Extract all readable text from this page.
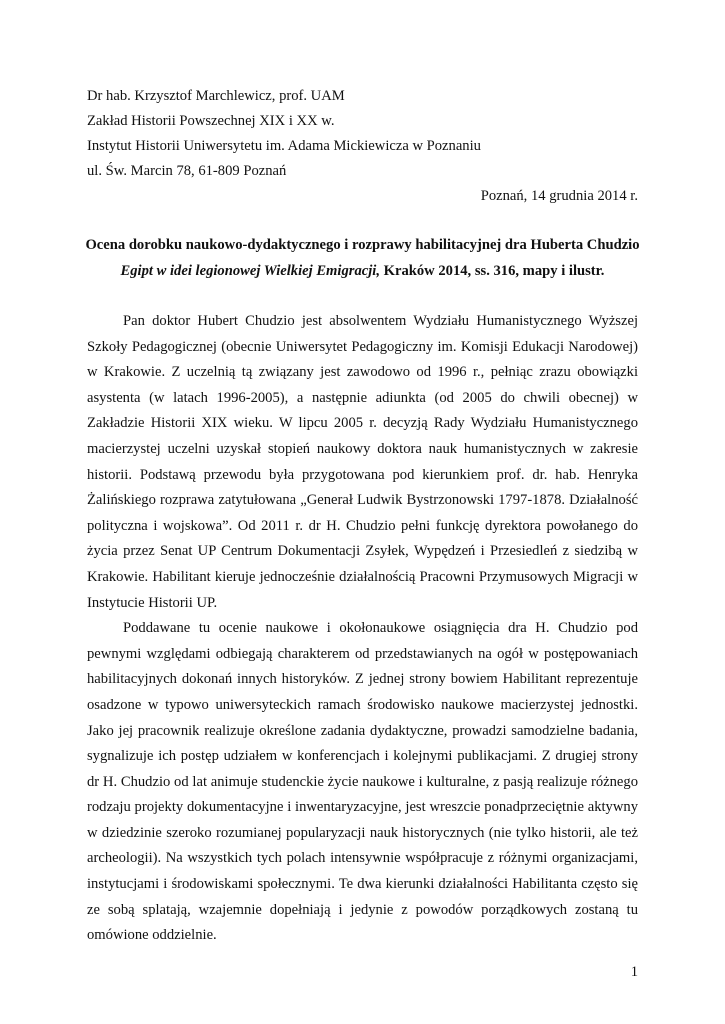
Dr hab. Krzysztof Marchlewicz, prof. UAM
Zakład Historii Powszechnej XIX i XX w.
Instytut Historii Uniwersytetu im. Adama Mickiewicza w Poznaniu
ul. Św. Marcin 78, 61-809 Poznań
Poznań, 14 grudnia 2014 r.
Ocena dorobku naukowo-dydaktycznego i rozprawy habilitacyjnej dra Huberta Chudzio Egipt w idei legionowej Wielkiej Emigracji, Kraków 2014, ss. 316, mapy i ilustr.

Pan doktor Hubert Chudzio jest absolwentem Wydziału Humanistycznego Wyższej Szkoły Pedagogicznej (obecnie Uniwersytet Pedagogiczny im. Komisji Edukacji Narodowej) w Krakowie. Z uczelnią tą związany jest zawodowo od 1996 r., pełniąc zrazu obowiązki asystenta (w latach 1996-2005), a następnie adiunkta (od 2005 do chwili obecnej) w Zakładzie Historii XIX wieku. W lipcu 2005 r. decyzją Rady Wydziału Humanistycznego macierzystej uczelni uzyskał stopień naukowy doktora nauk humanistycznych w zakresie historii. Podstawą przewodu była przygotowana pod kierunkiem prof. dr. hab. Henryka Żalińskiego rozprawa zatytułowana „Generał Ludwik Bystrzonowski 1797-1878. Działalność polityczna i wojskowa”. Od 2011 r. dr H. Chudzio pełni funkcję dyrektora powołanego do życia przez Senat UP Centrum Dokumentacji Zsyłek, Wypędzeń i Przesiedleń z siedzibą w Krakowie. Habilitant kieruje jednocześnie działalnością Pracowni Przymusowych Migracji w Instytucie Historii UP.

Poddawane tu ocenie naukowe i okołonaukowe osiągnięcia dra H. Chudzio pod pewnymi względami odbiegają charakterem od przedstawianych na ogół w postępowaniach habilitacyjnych dokonań innych historyków. Z jednej strony bowiem Habilitant reprezentuje osadzone w typowo uniwersyteckich ramach środowisko naukowe macierzystej jednostki. Jako jej pracownik realizuje określone zadania dydaktyczne, prowadzi samodzielne badania, sygnalizuje ich postęp udziałem w konferencjach i kolejnymi publikacjami. Z drugiej strony dr H. Chudzio od lat animuje studenckie życie naukowe i kulturalne, z pasją realizuje różnego rodzaju projekty dokumentacyjne i inwentaryzacyjne, jest wreszcie ponadprzeciętnie aktywny w dziedzinie szeroko rozumianej popularyzacji nauk historycznych (nie tylko historii, ale też archeologii). Na wszystkich tych polach intensywnie współpracuje z różnymi organizacjami, instytucjami i środowiskami społecznymi. Te dwa kierunki działalności Habilitanta często się ze sobą splatają, wzajemnie dopełniają i jedynie z powodów porządkowych zostaną tu omówione oddzielnie.

1
